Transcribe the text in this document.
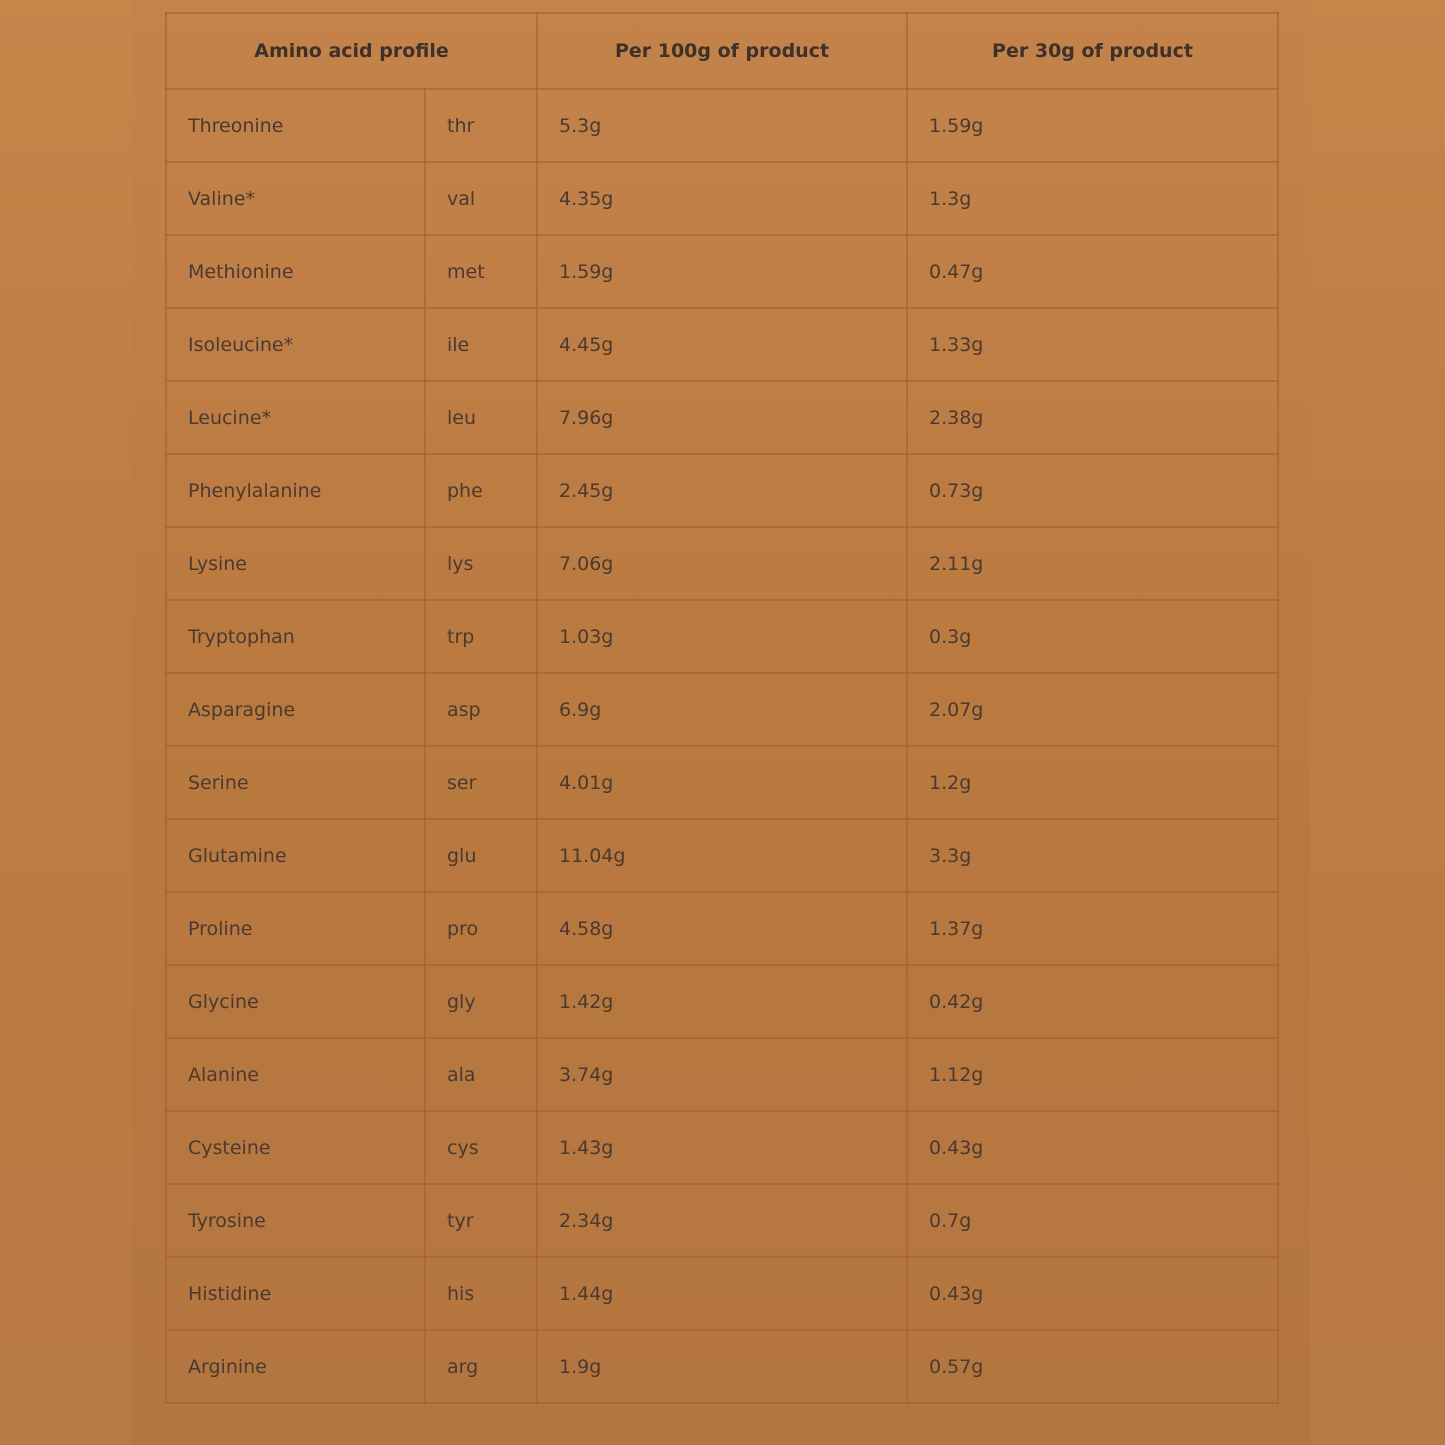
Amino acid profile		Per 100g of product	Per 30g of product
Threonine	thr	5.3g	1.59g
Valine*	val	4.35g	1.3g
Methionine	met	1.59g	0.47g
Isoleucine*	ile	4.45g	1.33g
Leucine*	leu	7.96g	2.38g
Phenylalanine	phe	2.45g	0.73g
Lysine	lys	7.06g	2.11g
Tryptophan	trp	1.03g	0.3g
Asparagine	asp	6.9g	2.07g
Serine	ser	4.01g	1.2g
Glutamine	glu	11.04g	3.3g
Proline	pro	4.58g	1.37g
Glycine	gly	1.42g	0.42g
Alanine	ala	3.74g	1.12g
Cysteine	cys	1.43g	0.43g
Tyrosine	tyr	2.34g	0.7g
Histidine	his	1.44g	0.43g
Arginine	arg	1.9g	0.57g
